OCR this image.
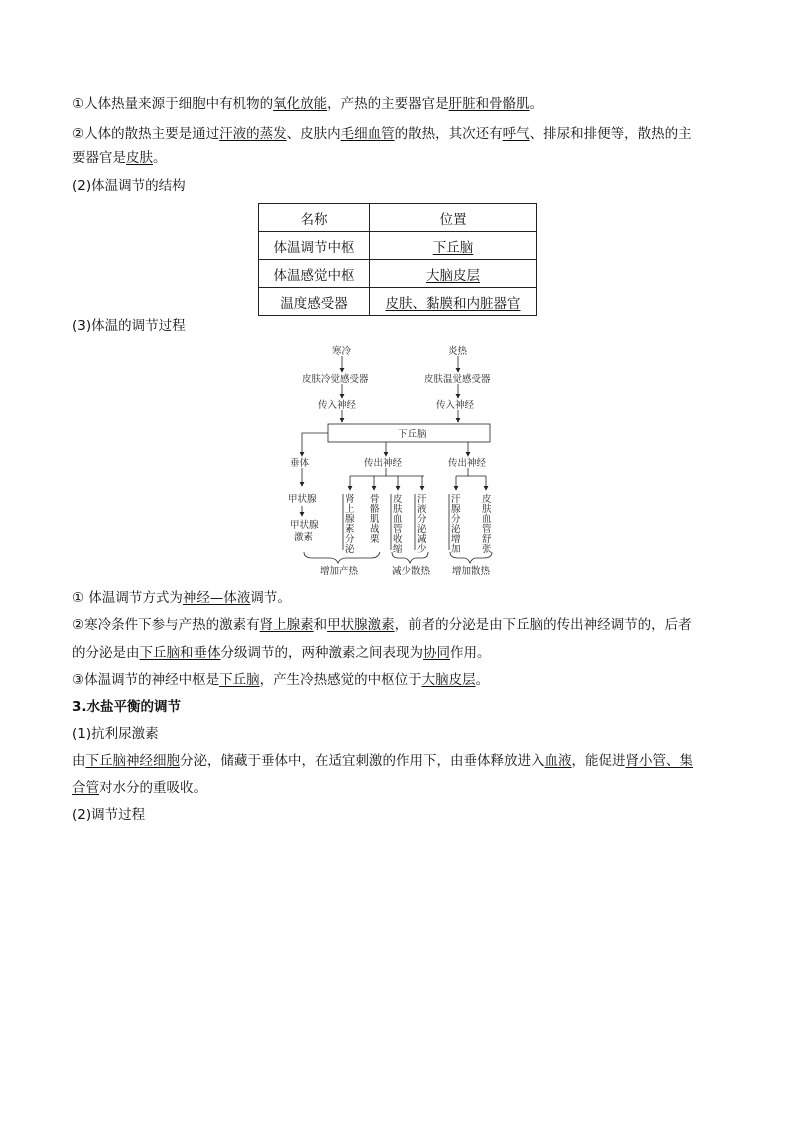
①人体热量来源于细胞中有机物的氧化放能，产热的主要器官是肝脏和骨骼肌。
②人体的散热主要是通过汗液的蒸发、皮肤内毛细血管的散热，其次还有呼气、排尿和排便等，散热的主
要器官是皮肤。
(2)体温调节的结构
名称	位置
体温调节中枢	下丘脑
体温感觉中枢	大脑皮层
温度感受器	皮肤、黏膜和内脏器官
(3)体温的调节过程
寒冷	炎热
皮肤冷觉感受器	皮肤温觉感受器
传入神经	传入神经
下丘脑
垂体	传出神经	传出神经
甲状腺
甲状腺
激素
肾
上
腺
素
分
泌
骨
骼
肌
战
栗
皮
肤
血
管
收
缩
汗
液
分
泌
减
少
汗
腺
分
泌
增
加
皮
肤
血
管
舒
张
增加产热	减少散热 增加散热
① 体温调节方式为神经—体液调节。
②寒冷条件下参与产热的激素有肾上腺素和甲状腺激素，前者的分泌是由下丘脑的传出神经调节的，后者
的分泌是由下丘脑和垂体分级调节的，两种激素之间表现为协同作用。
③体温调节的神经中枢是下丘脑，产生冷热感觉的中枢位于大脑皮层。
3.水盐平衡的调节
(1)抗利尿激素
由下丘脑神经细胞分泌，储藏于垂体中，在适宜刺激的作用下，由垂体释放进入血液，能促进肾小管、集
合管对水分的重吸收。
(2)调节过程
